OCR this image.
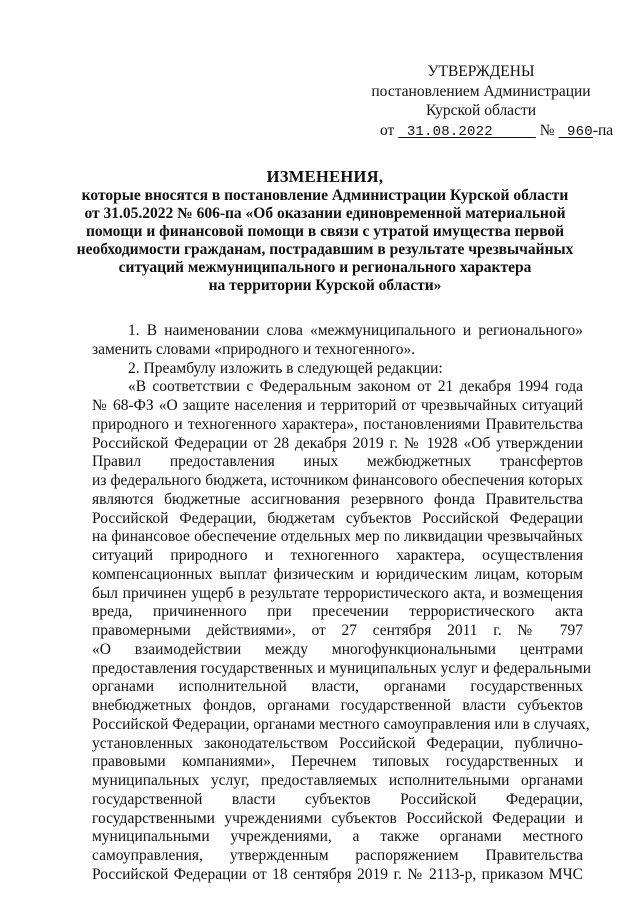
УТВЕРЖДЕНЫ
постановлением Администрации
Курской области
от 31.08.2022	№ 960-па
ИЗМЕНЕНИЯ,
которые вносятся в постановление Администрации Курской области
от 31.05.2022 № 606-па «Об оказании единовременной материальной
помощи и финансовой помощи в связи с утратой имущества первой
необходимости гражданам, пострадавшим в результате чрезвычайных
ситуаций межмуниципального и регионального характера
на территории Курской области»
1. В наименовании слова «межмуниципального и регионального»
заменить словами «природного и техногенного».
2. Преамбулу изложить в следующей редакции:
«В соответствии с Федеральным законом от 21 декабря 1994 года
№ 68-ФЗ «О защите населения и территорий от чрезвычайных ситуаций
природного и техногенного характера», постановлениями Правительства
Российской Федерации от 28 декабря 2019 г. № 1928 «Об утверждении
Правил предоставления иных межбюджетных трансфертов
из федерального бюджета, источником финансового обеспечения которых
являются бюджетные ассигнования резервного фонда Правительства
Российской Федерации, бюджетам субъектов Российской Федерации
на финансовое обеспечение отдельных мер по ликвидации чрезвычайных
ситуаций природного и техногенного характера, осуществления
компенсационных выплат физическим и юридическим лицам, которым
был причинен ущерб в результате террористического акта, и возмещения
вреда, причиненного при пресечении террористического акта
правомерными действиями», от 27 сентября 2011 г. № 797
«О взаимодействии между многофункциональными центрами
предоставления государственных и муниципальных услуг и федеральными
органами исполнительной власти, органами государственных
внебюджетных фондов, органами государственной власти субъектов
Российской Федерации, органами местного самоуправления или в случаях,
установленных законодательством Российской Федерации, публично-
правовыми компаниями», Перечнем типовых государственных и
муниципальных услуг, предоставляемых исполнительными органами
государственной власти субъектов Российской Федерации,
государственными учреждениями субъектов Российской Федерации и
муниципальными учреждениями, а также органами местного
самоуправления, утвержденным распоряжением Правительства
Российской Федерации от 18 сентября 2019 г. № 2113-р, приказом МЧС
